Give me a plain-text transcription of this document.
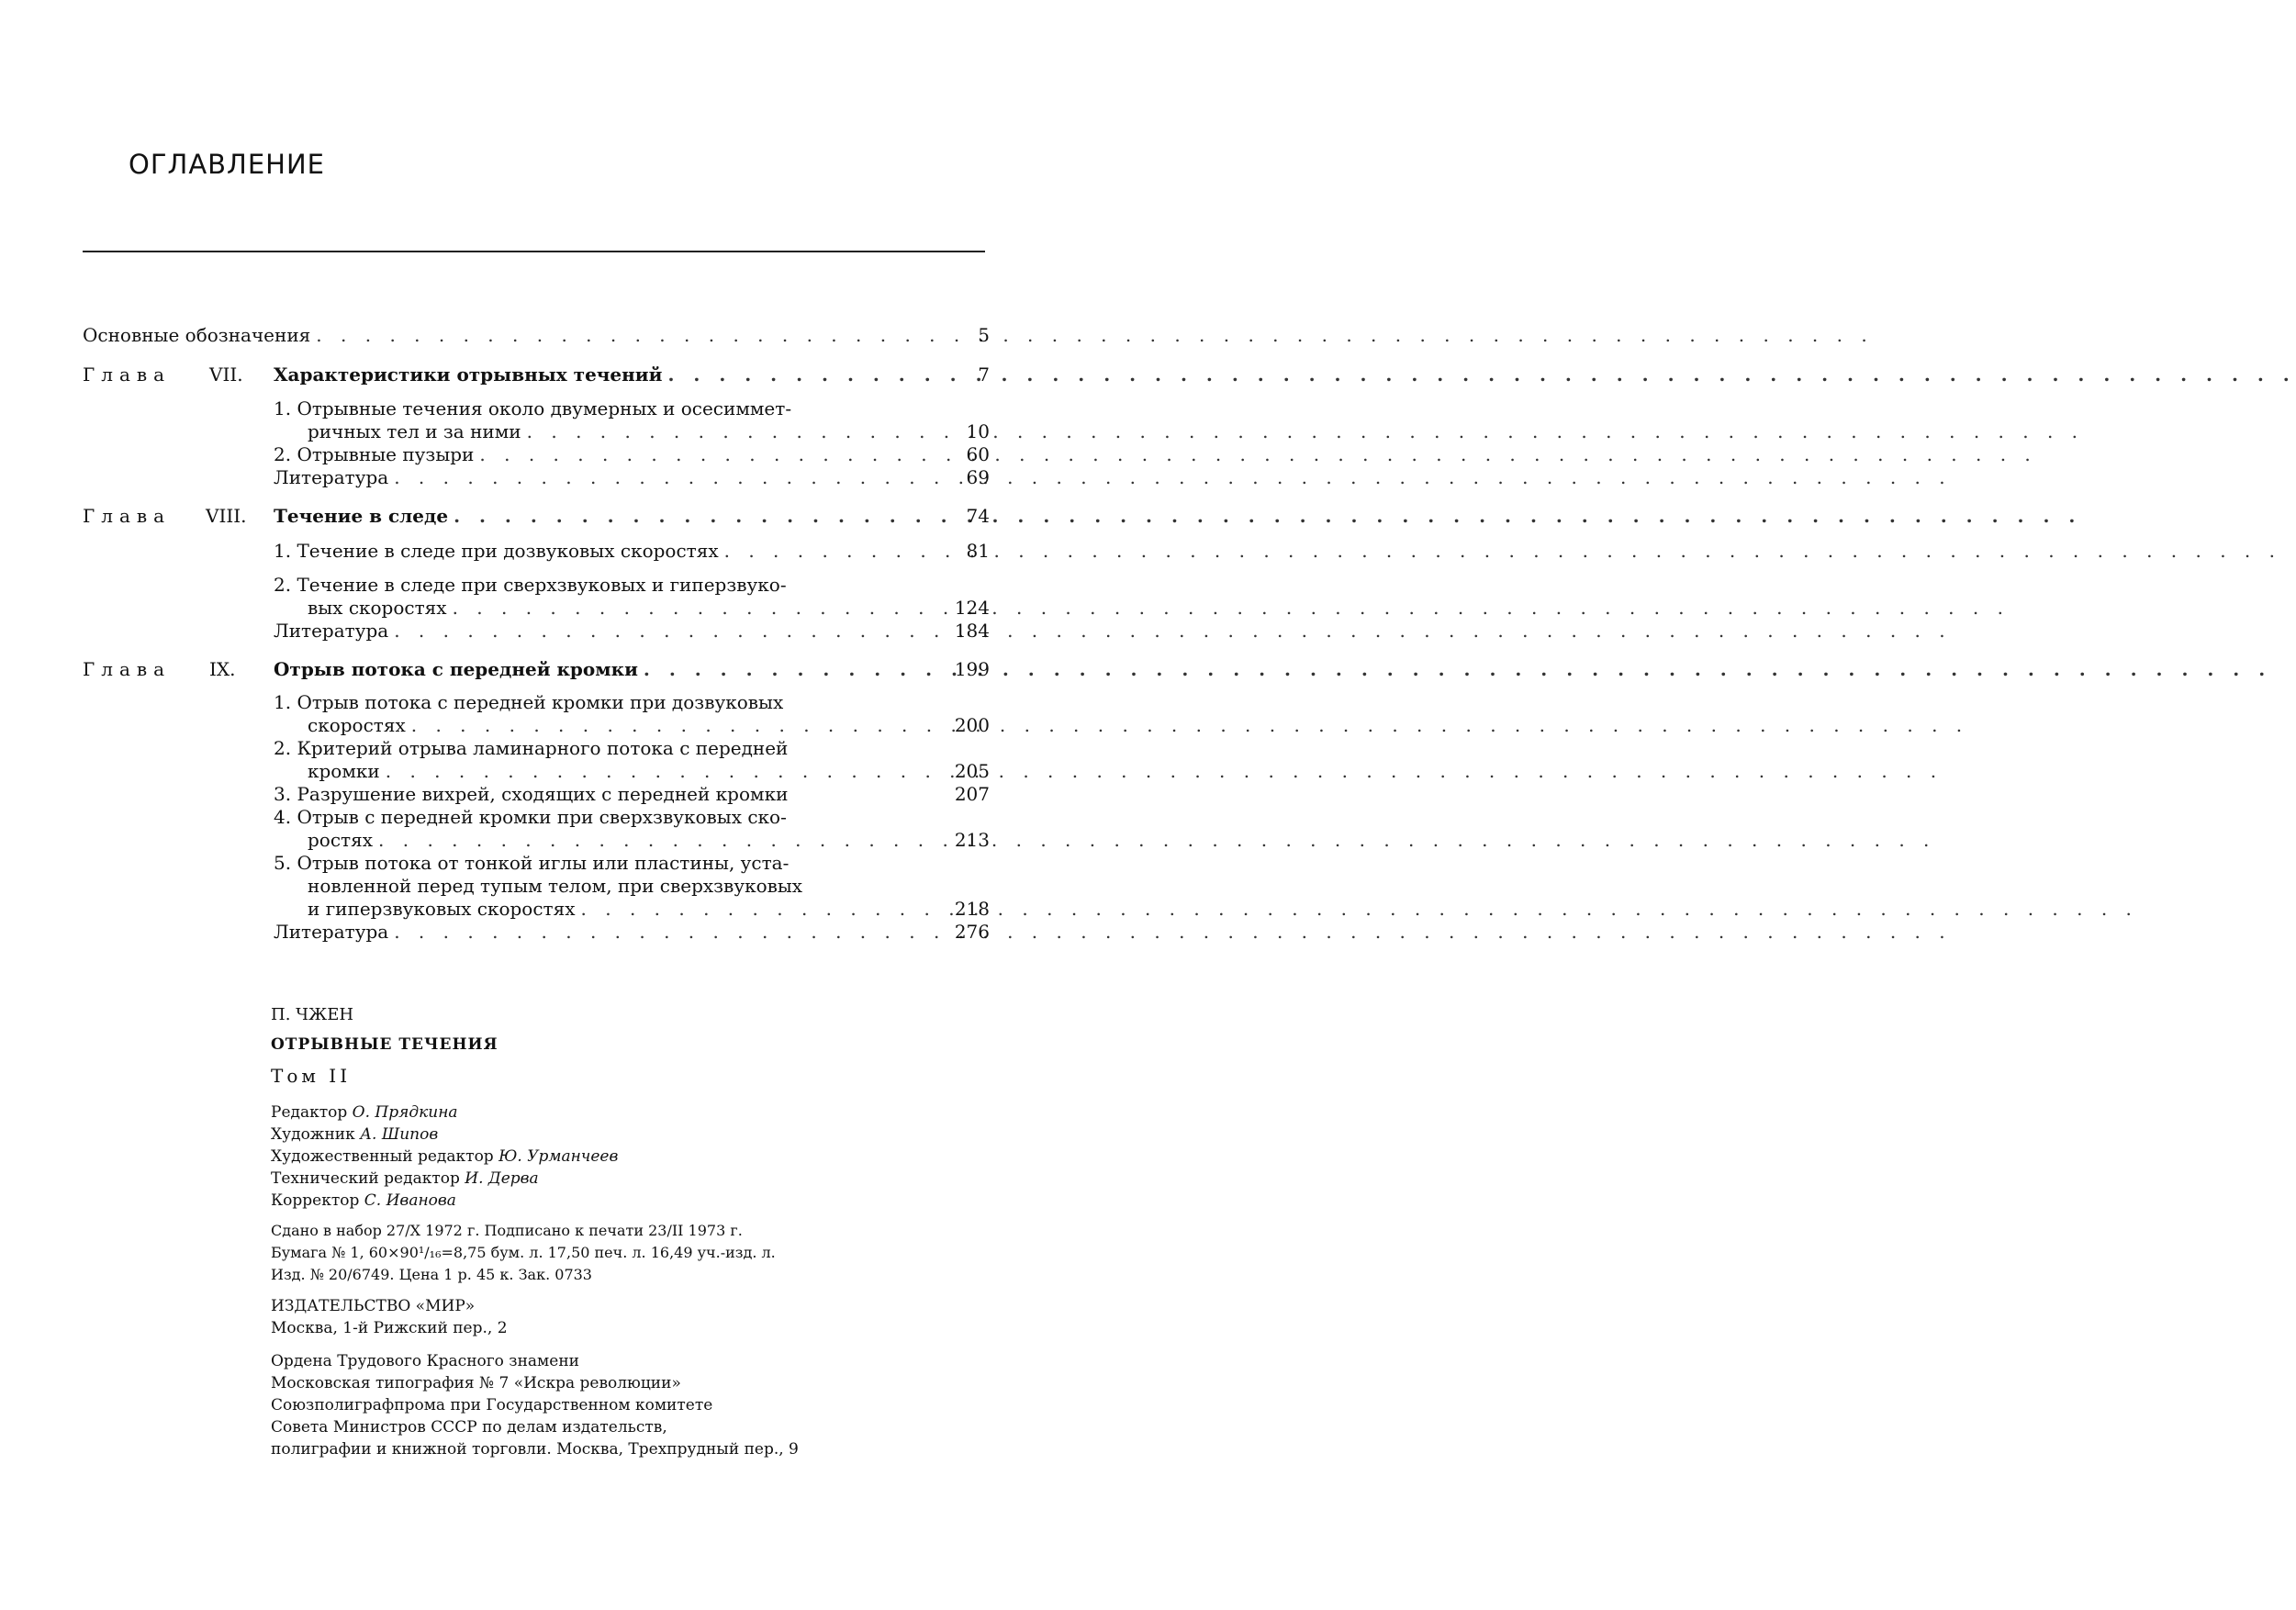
ОГЛАВЛЕНИЕ
Основные обозначения . . .	5
Глава VII. Характеристики отрывных течений . . .	7
1. Отрывные течения около двумерных и осесиммет-
ричных тел и за ними . . .	10
2. Отрывные пузыри . . .	60
Литература . . .	69
Глава VIII. Течение в следе . . .	74
1. Течение в следе при дозвуковых скоростях . . .	81
2. Течение в следе при сверхзвуковых и гиперзвуко-
вых скоростях . . .	124
Литература . . .	184
Глава IX. Отрыв потока с передней кромки . . .	199
1. Отрыв потока с передней кромки при дозвуковых
скоростях . . .	200
2. Критерий отрыва ламинарного потока с передней
кромки . . .	205
3. Разрушение вихрей, сходящих с передней кромки	207
4. Отрыв с передней кромки при сверхзвуковых ско-
ростях . . .	213
5. Отрыв потока от тонкой иглы или пластины, уста-
новленной перед тупым телом, при сверхзвуковых
и гиперзвуковых скоростях . . .	218
Литература . . .	276
П. ЧЖЕН
ОТРЫВНЫЕ ТЕЧЕНИЯ
Том II
Редактор О. Прядкина
Художник А. Шипов
Художественный редактор Ю. Урманчеев
Технический редактор И. Дерва
Корректор С. Иванова
Сдано в набор 27/X 1972 г. Подписано к печати 23/II 1973 г.
Бумага № 1, 60×90¹/₁₆=8,75 бум. л. 17,50 печ. л. 16,49 уч.-изд. л.
Изд. № 20/6749. Цена 1 р. 45 к. Зак. 0733
ИЗДАТЕЛЬСТВО «МИР»
Москва, 1-й Рижский пер., 2
Ордена Трудового Красного знамени
Московская типография № 7 «Искра революции»
Союзполиграфпрома при Государственном комитете
Совета Министров СССР по делам издательств,
полиграфии и книжной торговли. Москва, Трехпрудный пер., 9
